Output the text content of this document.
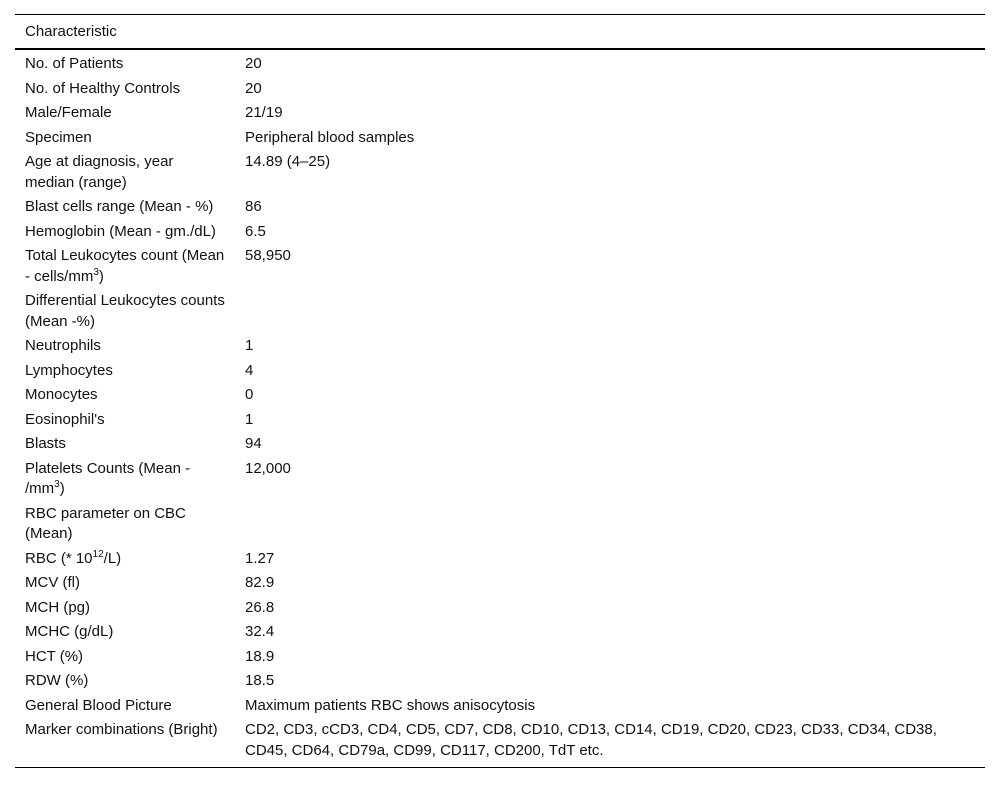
Characteristic	
No. of Patients	20
No. of Healthy Controls	20
Male/Female	21/19
Specimen	Peripheral blood samples
Age at diagnosis, year median (range)	14.89 (4–25)
Blast cells range (Mean - %)	86
Hemoglobin (Mean - gm./dL)	6.5
Total Leukocytes count (Mean - cells/$mm^3$)	58,950
Differential Leukocytes counts (Mean -%)	
Neutrophils	1
Lymphocytes	4
Monocytes	0
Eosinophil's	1
Blasts	94
Platelets Counts (Mean - $/mm^3$)	12,000
RBC parameter on CBC (Mean)	
RBC (* $10^{12}/L$)	1.27
MCV (fl)	82.9
MCH (pg)	26.8
MCHC (g/dL)	32.4
HCT (%)	18.9
RDW (%)	18.5
General Blood Picture	Maximum patients RBC shows anisocytosis
Marker combinations (Bright)	CD2, CD3, cCD3, CD4, CD5, CD7, CD8, CD10, CD13, CD14, CD19, CD20, CD23, CD33, CD34, CD38, CD45, CD64, CD79a, CD99, CD117, CD200, TdT etc.
